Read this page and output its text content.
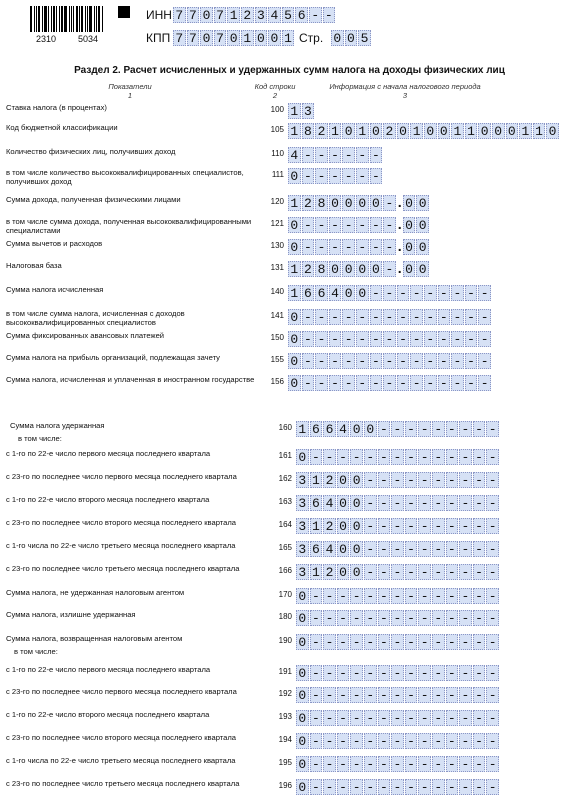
2310 5034
ИНН 7 7 0 7 1 2 3 4 5 6 - -
КПП 7 7 0 7 0 1 0 0 1 Стр. 0 0 5
Раздел 2. Расчет исчисленных и удержанных сумм налога на доходы физических лиц
Показатели
1
Код строки
2
Информация с начала налогового периода
3
Ставка налога (в процентах)	100 1 3
Код бюджетной классификации	105 1 8 2 1 0 1 0 2 0 1 0 0 1 1 0 0 0 1 1 0
Количество физических лиц, получивших доход	110 4 - - - - - -
в том числе количество высококвалифицированных специалистов, получивших доход
111 0 - - - - - -
Сумма дохода, полученная физическими лицами	120 1 2 8 0 0 0 0 - . 0 0
в том числе сумма дохода, полученная высококвалифицированными специалистами
121 0 - - - - - - - . 0 0
Сумма вычетов и расходов	130 0 - - - - - - - . 0 0
Налоговая база	131 1 2 8 0 0 0 0 - . 0 0
Сумма налога исчисленная	140 1 6 6 4 0 0 - - - - - - - - -
в том числе сумма налога, исчисленная с доходов высококвалифицированных специалистов
141 0 - - - - - - - - - - - - - -
Сумма фиксированных авансовых платежей	150 0 - - - - - - - - - - - - - -
Сумма налога на прибыль организаций, подлежащая зачету	155 0 - - - - - - - - - - - - - -
Сумма налога, исчисленная и уплаченная в иностранном государстве	156 0 - - - - - - - - - - - - - -
Сумма налога удержанная
в том числе:
160 1 6 6 4 0 0 - - - - - - - - -
с 1-го по 22-е число первого месяца последнего квартала	161 0 - - - - - - - - - - - - - -
с 23-го по последнее число первого месяца последнего квартала	162 3 1 2 0 0 - - - - - - - - - -
с 1-го по 22-е число второго месяца последнего квартала	163 3 6 4 0 0 - - - - - - - - - -
с 23-го по последнее число второго месяца последнего квартала	164 3 1 2 0 0 - - - - - - - - - -
с 1-го числа по 22-е число третьего месяца последнего квартала	165 3 6 4 0 0 - - - - - - - - - -
с 23-го по последнее число третьего месяца последнего квартала	166 3 1 2 0 0 - - - - - - - - - -
Сумма налога, не удержанная налоговым агентом	170 0 - - - - - - - - - - - - - -
Сумма налога, излишне удержанная	180 0 - - - - - - - - - - - - - -
Сумма налога, возвращенная налоговым агентом
в том числе:
190 0 - - - - - - - - - - - - - -
с 1-го по 22-е число первого месяца последнего квартала	191 0 - - - - - - - - - - - - - -
с 23-го по последнее число первого месяца последнего квартала	192 0 - - - - - - - - - - - - - -
с 1-го по 22-е число второго месяца последнего квартала	193 0 - - - - - - - - - - - - - -
с 23-го по последнее число второго месяца последнего квартала	194 0 - - - - - - - - - - - - - -
с 1-го числа по 22-е число третьего месяца последнего квартала	195 0 - - - - - - - - - - - - - -
с 23-го по последнее число третьего месяца последнего квартала	196 0 - - - - - - - - - - - - - -
